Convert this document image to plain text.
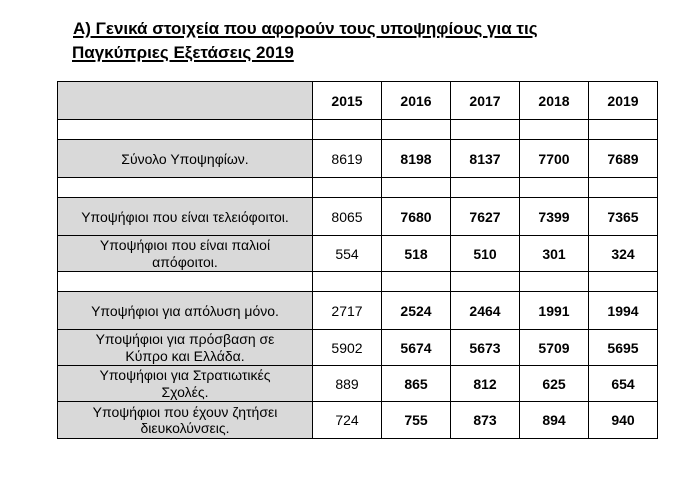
A) Γενικά στοιχεία που αφορούν τους υποψηφίους για τις
Παγκύπριες Εξετάσεις 2019
	2015	2016	2017	2018	2019

Σύνολο Υποψηφίων.	8619	8198	8137	7700	7689

Υποψήφιοι που είναι τελειόφοιτοι.	8065	7680	7627	7399	7365
Υποψήφιοι που είναι παλιοί
απόφοιτοι.	554	518	510	301	324

Υποψήφιοι για απόλυση μόνο.	2717	2524	2464	1991	1994
Υποψήφιοι για πρόσβαση σε
Κύπρο και Ελλάδα.	5902	5674	5673	5709	5695
Υποψήφιοι για Στρατιωτικές
Σχολές.	889	865	812	625	654
Υποψήφιοι που έχουν ζητήσει
διευκολύνσεις.	724	755	873	894	940
